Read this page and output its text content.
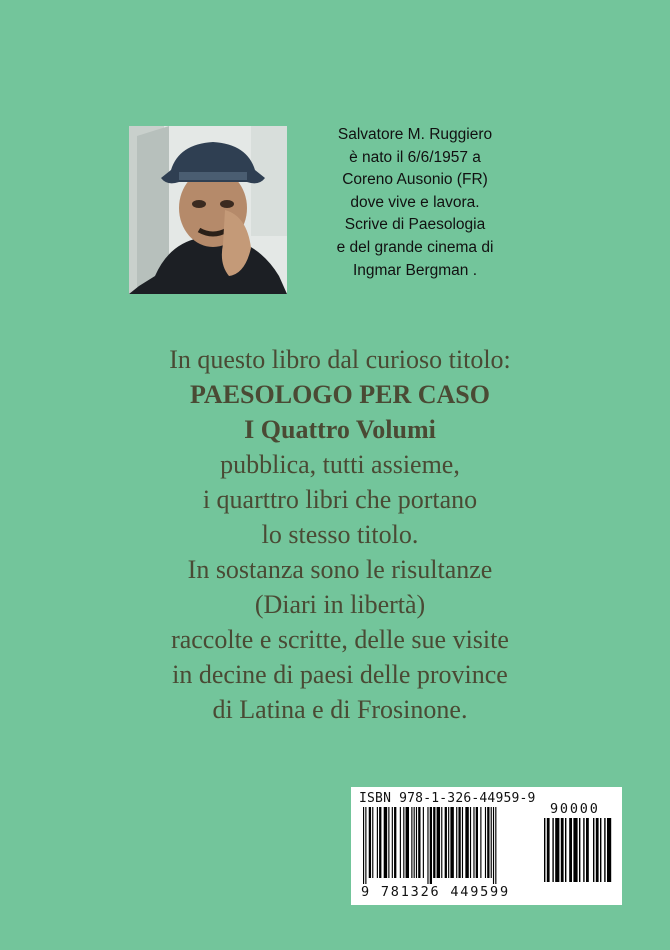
Salvatore M. Ruggiero
è nato il 6/6/1957 a
Coreno Ausonio (FR)
dove vive e lavora.
Scrive di Paesologia
e del grande cinema di
Ingmar Bergman .
In questo libro dal curioso titolo:
PAESOLOGO PER CASO
I Quattro Volumi
pubblica, tutti assieme,
i quarttro libri che portano
lo stesso titolo.
In sostanza sono le risultanze
(Diari in libertà)
raccolte e scritte, delle sue visite
in decine di paesi delle province
di Latina e di Frosinone.
ISBN 978-1-326-44959-9
9 781326 449599
90000
